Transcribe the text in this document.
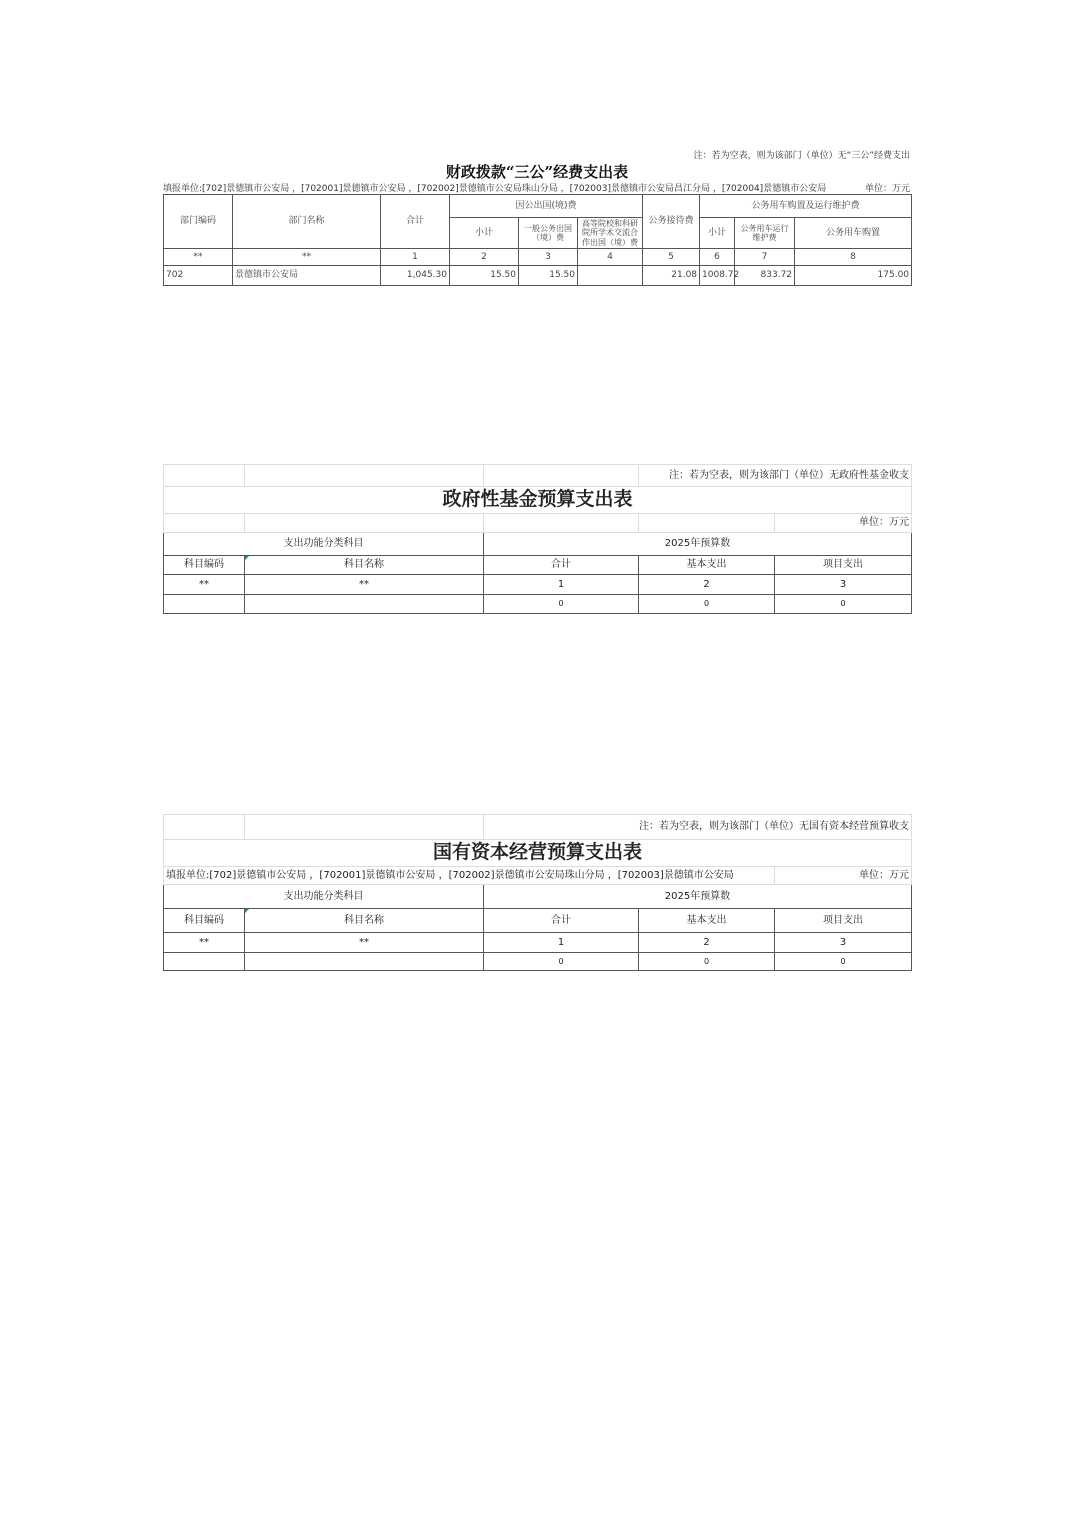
注：若为空表，则为该部门（单位）无“三公”经费支出
财政拨款“三公”经费支出表
填报单位:[702]景德镇市公安局 ，[702001]景德镇市公安局 ，[702002]景德镇市公安局珠山分局 ，[702003]景德镇市公安局昌江分局 ，[702004]景德镇市公安局	单位：万元
部门编码	部门名称	合计	因公出国(境)费			公务接待费	公务用车购置及运行维护费		
			小计	一般公务出国（境）费	高等院校和科研院所学术交流合作出国（境）费		小计	公务用车运行维护费	公务用车购置
**	**	1	2	3	4	5	6	7	8
702	景德镇市公安局	1,045.30	15.50	15.50		21.08	1008.72	833.72	175.00
			注：若为空表，则为该部门（单位）无政府性基金收支	
政府性基金预算支出表				
				单位：万元
支出功能分类科目		2025年预算数		
科目编码	科目名称	合计	基本支出	项目支出
**	**	1	2	3
		0	0	0
		注：若为空表，则为该部门（单位）无国有资本经营预算收支		
国有资本经营预算支出表				
填报单位:[702]景德镇市公安局 ，[702001]景德镇市公安局 ，[702002]景德镇市公安局珠山分局 ，[702003]景德镇市公安局				单位：万元
支出功能分类科目		2025年预算数		
科目编码	科目名称	合计	基本支出	项目支出
**	**	1	2	3
		0	0	0
